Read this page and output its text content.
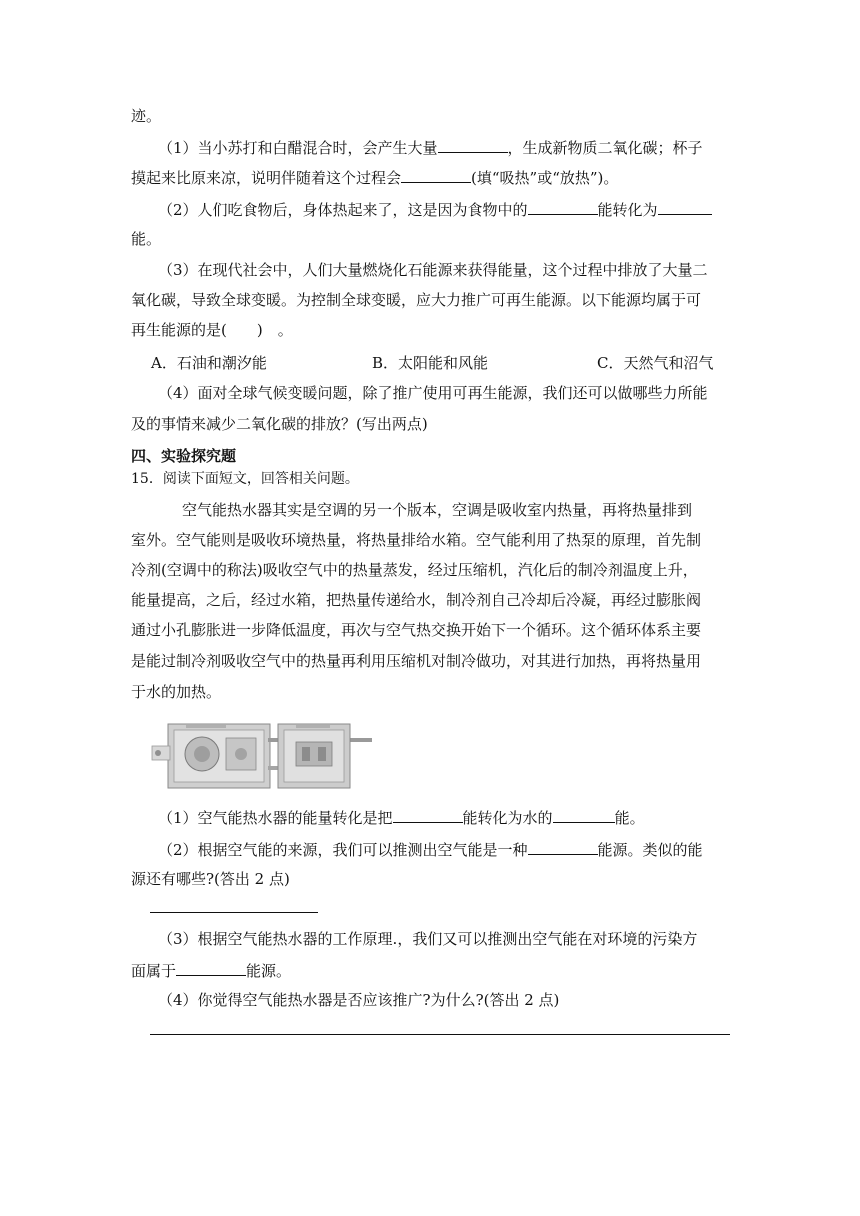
迹。
（1）当小苏打和白醋混合时，会产生大量	，生成新物质二氧化碳；杯子
摸起来比原来凉，说明伴随着这个过程会	(填“吸热”或“放热”)。
（2）人们吃食物后，身体热起来了，这是因为食物中的	能转化为
能。
（3）在现代社会中，人们大量燃烧化石能源来获得能量，这个过程中排放了大量二
氧化碳，导致全球变暖。为控制全球变暖，应大力推广可再生能源。以下能源均属于可
再生能源的是(　　)　。
A．石油和潮汐能	B．太阳能和风能	C．天然气和沼气
（4）面对全球气候变暖问题，除了推广使用可再生能源，我们还可以做哪些力所能
及的事情来减少二氧化碳的排放？(写出两点)
四、实验探究题
15．阅读下面短文，回答相关问题。
空气能热水器其实是空调的另一个版本，空调是吸收室内热量，再将热量排到
室外。空气能则是吸收环境热量，将热量排给水箱。空气能利用了热泵的原理，首先制
冷剂(空调中的称法)吸收空气中的热量蒸发，经过压缩机，汽化后的制冷剂温度上升，
能量提高，之后，经过水箱，把热量传递给水，制冷剂自己冷却后冷凝，再经过膨胀阀
通过小孔膨胀进一步降低温度，再次与空气热交换开始下一个循环。这个循环体系主要
是能过制冷剂吸收空气中的热量再利用压缩机对制冷做功，对其进行加热，再将热量用
于水的加热。
（1）空气能热水器的能量转化是把	能转化为水的	能。
（2）根据空气能的来源，我们可以推测出空气能是一种	能源。类似的能
源还有哪些?(答出 2 点)
（3）根据空气能热水器的工作原理.，我们又可以推测出空气能在对环境的污染方
面属于	能源。
（4）你觉得空气能热水器是否应该推广?为什么?(答出 2 点)
